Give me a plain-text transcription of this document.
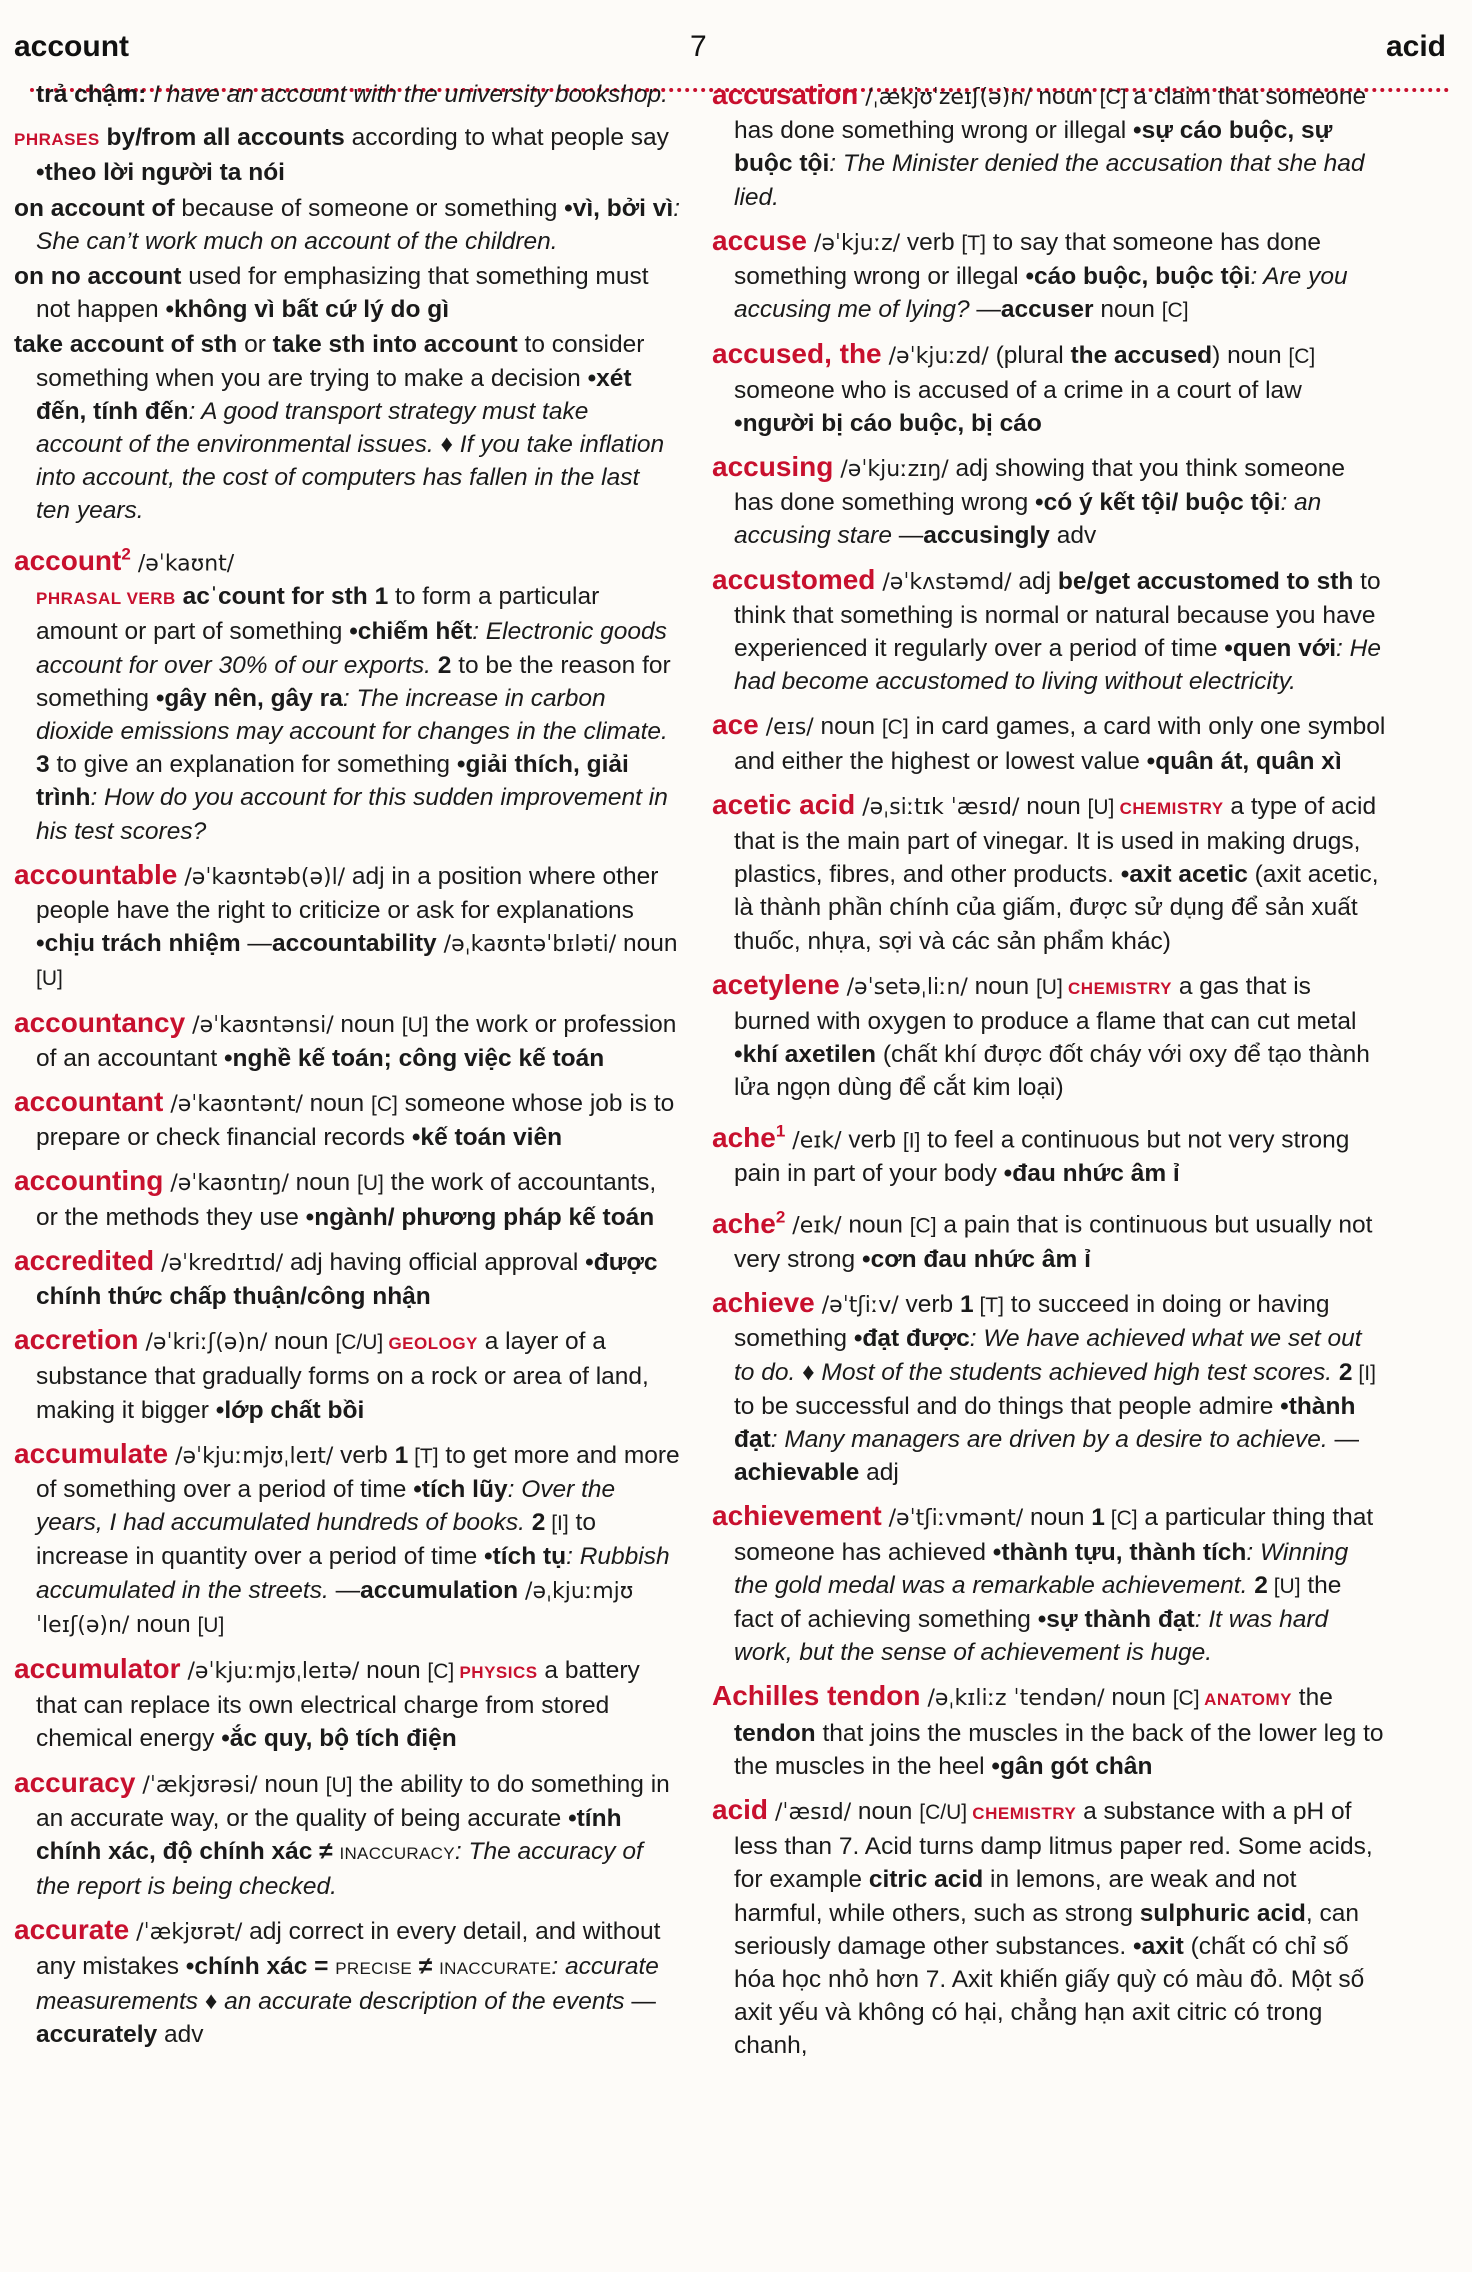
account	7	acid

trả chậm: I have an account with the university bookshop.

PHRASES by/from all accounts according to what people say •theo lời người ta nói

on account of because of someone or something •vì, bởi vì: She can’t work much on account of the children.

on no account used for emphasizing that something must not happen •không vì bất cứ lý do gì

take account of sth or take sth into account to consider something when you are trying to make a decision •xét đến, tính đến: A good transport strategy must take account of the environmental issues. ♦ If you take inflation into account, the cost of computers has fallen in the last ten years.

account$^2$ /əˈkaʊnt/
PHRASAL VERB acˈcount for sth 1 to form a particular amount or part of something •chiếm hết: Electronic goods account for over 30% of our exports. 2 to be the reason for something •gây nên, gây ra: The increase in carbon dioxide emissions may account for changes in the climate. 3 to give an explanation for something •giải thích, giải trình: How do you account for this sudden improvement in his test scores?

accountable /əˈkaʊntəb(ə)l/ adj in a position where other people have the right to criticize or ask for explanations •chịu trách nhiệm —accountability /əˌkaʊntəˈbɪləti/ noun [U]

accountancy /əˈkaʊntənsi/ noun [U] the work or profession of an accountant •nghề kế toán; công việc kế toán

accountant /əˈkaʊntənt/ noun [C] someone whose job is to prepare or check financial records •kế toán viên

accounting /əˈkaʊntɪŋ/ noun [U] the work of accountants, or the methods they use •ngành/ phương pháp kế toán

accredited /əˈkredɪtɪd/ adj having official approval •được chính thức chấp thuận/công nhận

accretion /əˈkriːʃ(ə)n/ noun [C/U] GEOLOGY a layer of a substance that gradually forms on a rock or area of land, making it bigger •lớp chất bồi

accumulate /əˈkjuːmjʊˌleɪt/ verb 1 [T] to get more and more of something over a period of time •tích lũy: Over the years, I had accumulated hundreds of books. 2 [I] to increase in quantity over a period of time •tích tụ: Rubbish accumulated in the streets. —accumulation /əˌkjuːmjʊˈleɪʃ(ə)n/ noun [U]

accumulator /əˈkjuːmjʊˌleɪtə/ noun [C] PHYSICS a battery that can replace its own electrical charge from stored chemical energy •ắc quy, bộ tích điện

accuracy /ˈækjʊrəsi/ noun [U] the ability to do something in an accurate way, or the quality of being accurate •tính chính xác, độ chính xác ≠ INACCURACY: The accuracy of the report is being checked.

accurate /ˈækjʊrət/ adj correct in every detail, and without any mistakes •chính xác = PRECISE ≠ INACCURATE: accurate measurements ♦ an accurate description of the events —accurately adv

accusation /ˌækjʊˈzeɪʃ(ə)n/ noun [C] a claim that someone has done something wrong or illegal •sự cáo buộc, sự buộc tội: The Minister denied the accusation that she had lied.

accuse /əˈkjuːz/ verb [T] to say that someone has done something wrong or illegal •cáo buộc, buộc tội: Are you accusing me of lying? —accuser noun [C]

accused, the /əˈkjuːzd/ (plural the accused) noun [C] someone who is accused of a crime in a court of law •người bị cáo buộc, bị cáo

accusing /əˈkjuːzɪŋ/ adj showing that you think someone has done something wrong •có ý kết tội/ buộc tội: an accusing stare —accusingly adv

accustomed /əˈkʌstəmd/ adj be/get accustomed to sth to think that something is normal or natural because you have experienced it regularly over a period of time •quen với: He had become accustomed to living without electricity.

ace /eɪs/ noun [C] in card games, a card with only one symbol and either the highest or lowest value •quân át, quân xì

acetic acid /əˌsiːtɪk ˈæsɪd/ noun [U] CHEMISTRY a type of acid that is the main part of vinegar. It is used in making drugs, plastics, fibres, and other products. •axit acetic (axit acetic, là thành phần chính của giấm, được sử dụng để sản xuất thuốc, nhựa, sợi và các sản phẩm khác)

acetylene /əˈsetəˌliːn/ noun [U] CHEMISTRY a gas that is burned with oxygen to produce a flame that can cut metal •khí axetilen (chất khí được đốt cháy với oxy để tạo thành lửa ngọn dùng để cắt kim loại)

ache$^1$ /eɪk/ verb [I] to feel a continuous but not very strong pain in part of your body •đau nhức âm ỉ

ache$^2$ /eɪk/ noun [C] a pain that is continuous but usually not very strong •cơn đau nhức âm ỉ

achieve /əˈtʃiːv/ verb 1 [T] to succeed in doing or having something •đạt được: We have achieved what we set out to do. ♦ Most of the students achieved high test scores. 2 [I] to be successful and do things that people admire •thành đạt: Many managers are driven by a desire to achieve. —achievable adj

achievement /əˈtʃiːvmənt/ noun 1 [C] a particular thing that someone has achieved •thành tựu, thành tích: Winning the gold medal was a remarkable achievement. 2 [U] the fact of achieving something •sự thành đạt: It was hard work, but the sense of achievement is huge.

Achilles tendon /əˌkɪliːz ˈtendən/ noun [C] ANATOMY the tendon that joins the muscles in the back of the lower leg to the muscles in the heel •gân gót chân

acid /ˈæsɪd/ noun [C/U] CHEMISTRY a substance with a pH of less than 7. Acid turns damp litmus paper red. Some acids, for example citric acid in lemons, are weak and not harmful, while others, such as strong sulphuric acid, can seriously damage other substances. •axit (chất có chỉ số hóa học nhỏ hơn 7. Axit khiến giấy quỳ có màu đỏ. Một số axit yếu và không có hại, chẳng hạn axit citric có trong chanh,
